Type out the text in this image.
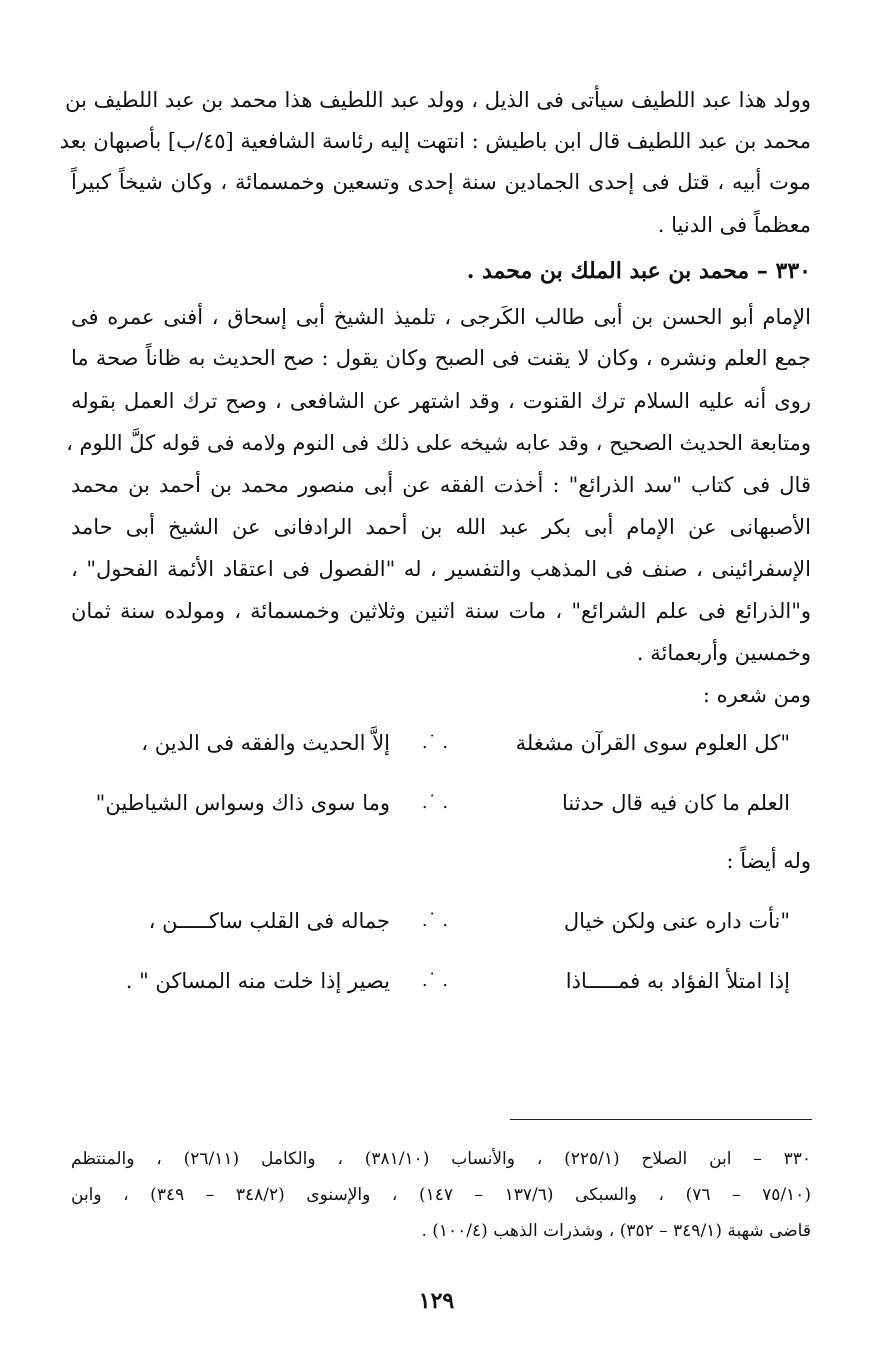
وولد هذا عبد اللطيف سيأتى فى الذيل ، وولد عبد اللطيف هذا محمد بن عبد اللطيف بن
محمد بن عبد اللطيف قال ابن باطيش : انتهت إليه رئاسة الشافعية [٤٥/ب] بأصبهان بعد
موت أبيه ، قتل فى إحدى الجمادين سنة إحدى وتسعين وخمسمائة ، وكان شيخاً كبيراً
معظماً فى الدنيا .
٣٣٠ – محمد بن عبد الملك بن محمد .
الإمام أبو الحسن بن أبى طالب الكَرجى ، تلميذ الشيخ أبى إسحاق ، أفنى عمره فى
جمع العلم ونشره ، وكان لا يقنت فى الصبح وكان يقول : صح الحديث به ظاناً صحة ما
روى أنه عليه السلام ترك القنوت ، وقد اشتهر عن الشافعى ، وصح ترك العمل بقوله
ومتابعة الحديث الصحيح ، وقد عابه شيخه على ذلك فى النوم ولامه فى قوله كلَّ اللوم ،
قال فى كتاب "سد الذرائع" : أخذت الفقه عن أبى منصور محمد بن أحمد بن محمد
الأصبهانى عن الإمام أبى بكر عبد الله بن أحمد الرادفانى عن الشيخ أبى حامد
الإسفرائينى ، صنف فى المذهب والتفسير ، له "الفصول فى اعتقاد الأئمة الفحول" ،
و"الذرائع فى علم الشرائع" ، مات سنة اثنين وثلاثين وخمسمائة ، ومولده سنة ثمان
وخمسين وأربعمائة .
ومن شعره :
"كل العلوم سوى القرآن مشغلة
. ˙.
إلاَّ الحديث والفقه فى الدين ،
العلم ما كان فيه قال حدثنا
. ˙.
وما سوى ذاك وسواس الشياطين"
وله أيضاً :
"نأت داره عنى ولكن خيال
. ˙.
جماله فى القلب ساكـــــن ،
إذا امتلأ الفؤاد به فمـــــاذا
. ˙.
يصير إذا خلت منه المساكن " .
٣٣٠ – ابن الصلاح (٢٢٥/١) ، والأنساب (٣٨١/١٠) ، والكامل (٢٦/١١) ، والمنتظم
(٧٥/١٠ – ٧٦) ، والسبكى (١٣٧/٦ – ١٤٧) ، والإسنوى (٣٤٨/٢ – ٣٤٩) ، وابن
قاضى شهبة (٣٤٩/١ – ٣٥٢) ، وشذرات الذهب (١٠٠/٤) .
١٢٩
